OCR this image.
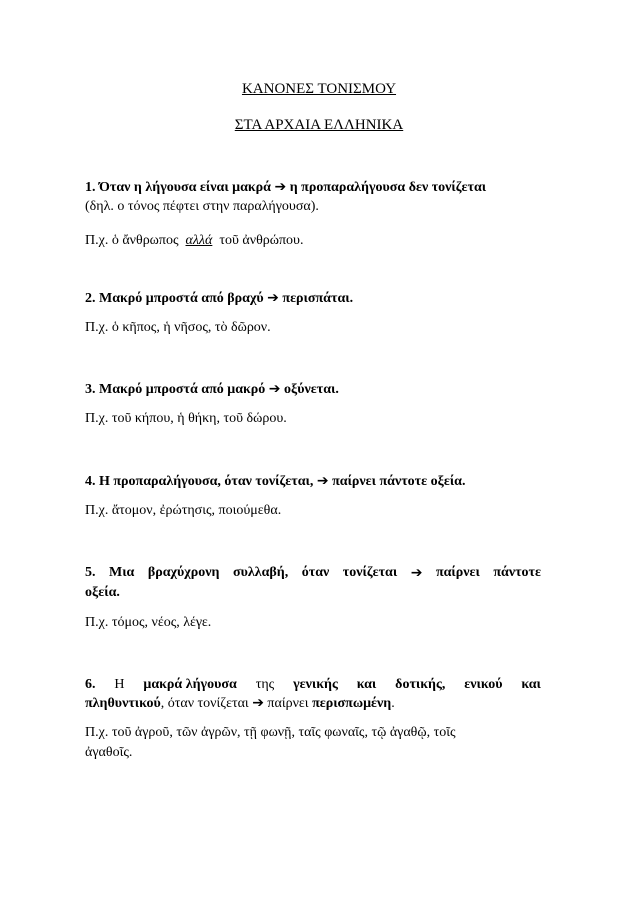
ΚΑΝΟΝΕΣ ΤΟΝΙΣΜΟΥ
ΣΤΑ ΑΡΧΑΙΑ ΕΛΛΗΝΙΚΑ
1. Όταν η λήγουσα είναι μακρά ➔ η προπαραλήγουσα δεν τονίζεται
(δηλ. ο τόνος πέφτει στην παραλήγουσα).
Π.χ. ὁ ἄνθρωπος αλλά τοῦ ἀνθρώπου.
2. Μακρό μπροστά από βραχύ ➔ περισπάται.
Π.χ. ὁ κῆπος, ἡ νῆσος, τὸ δῶρον.
3. Μακρό μπροστά από μακρό ➔ οξύνεται.
Π.χ. τοῦ κήπου, ἡ θήκη, τοῦ δώρου.
4. Η προπαραλήγουσα, όταν τονίζεται, ➔ παίρνει πάντοτε οξεία.
Π.χ. ἄτομον, ἐρώτησις, ποιούμεθα.
5. Μια βραχύχρονη συλλαβή, όταν τονίζεται ➔ παίρνει πάντοτε
οξεία.
Π.χ. τόμος, νέος, λέγε.
6. Η μακρά λήγουσα της γενικής και δοτικής, ενικού και
πληθυντικού, όταν τονίζεται ➔ παίρνει περισπωμένη.
Π.χ. τοῦ ἀγροῦ, τῶν ἀγρῶν, τῇ φωνῇ, ταῖς φωναῖς, τῷ ἀγαθῷ, τοῖς
ἀγαθοῖς.
